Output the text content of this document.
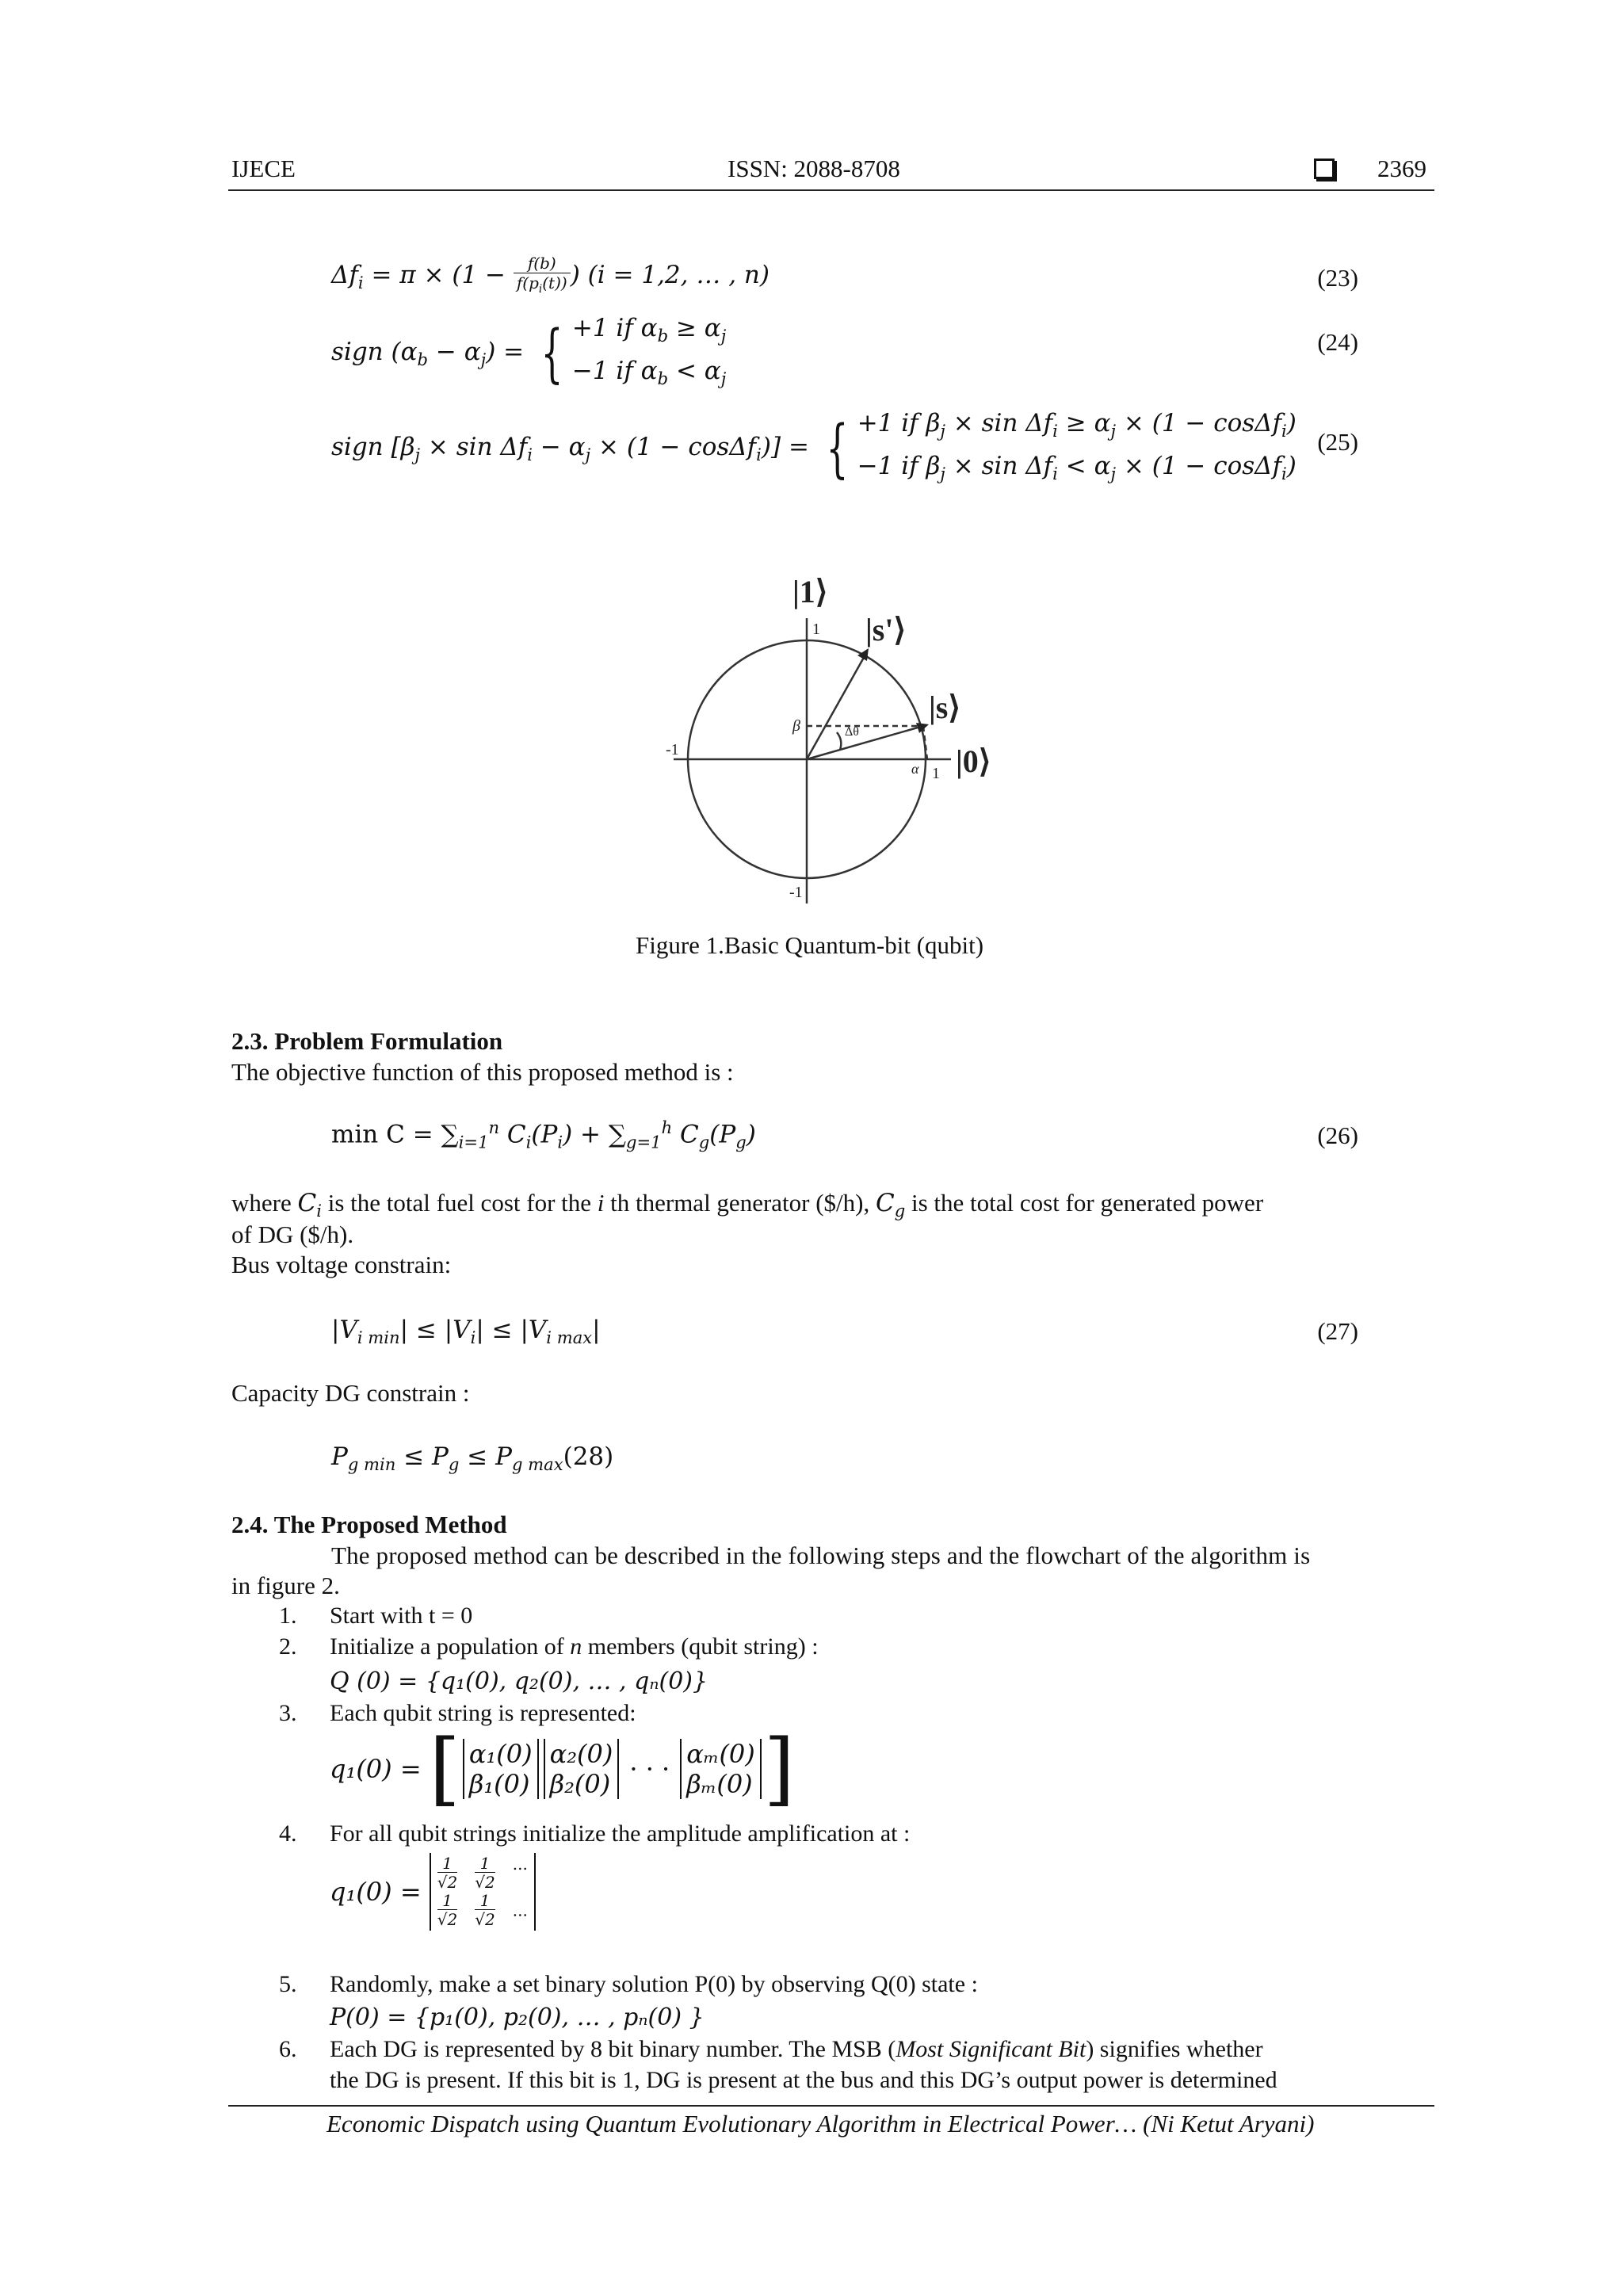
IJECE	ISSN: 2088-8708	2369
$\Delta f_i = \pi \times (1 - \frac{f(b)}{f(p_i(t))}$ ) (i = 1,2, … , n)	(23)
sign $(\alpha_b - \alpha_j)$ = { +1 if $\alpha_b \ge \alpha_j$
−1 if $\alpha_b < \alpha_j$
(24)
sign $[\beta_j \times \sin \Delta f_i - \alpha_j \times (1 - \cos\Delta f_i)]$ = { +1 if $\beta_j \times \sin \Delta f_i \ge \alpha_j \times (1 - \cos\Delta f_i)$
−1 if $\beta_j \times \sin \Delta f_i < \alpha_j \times (1 - \cos\Delta f_i)$
(25)
|1⟩
|s'⟩
|s⟩
|0⟩
1
1
-1
-1
β
α
Δθ
Figure 1.Basic Quantum-bit (qubit)
2.3. Problem Formulation
The objective function of this proposed method is :
$\min C = \sum_{i=1}^n$ $C_i(P_i) + \sum_{g=1}^h$ $C_g(P_g)$	(26)
where $C_i$ is the total fuel cost for the i th thermal generator ($/h), $C_g$ is the total cost for generated power
of DG ($/h).
Bus voltage constrain:
$|V_{i min}| \le |V_i| \le |V_{i max}|$	(27)
Capacity DG constrain :
$P_{g min} \le P_g \le P_{g max}(28)$
2.4. The Proposed Method
The proposed method can be described in the following steps and the flowchart of the algorithm is
in figure 2.
1. Start with t = 0
2. Initialize a population of n members (qubit string) :
Q (0) = {q₁(0), q₂(0), … , qₙ(0)}
3. Each qubit string is represented:
q₁(0) = [ α₁(0)
β₁(0)
α₂(0)
β₂(0) · · · αₘ(0)
βₘ(0) ]
4. For all qubit strings initialize the amplitude amplification at :
$q_1(0) = \frac{1}{√2} \frac{1}{√2} ^{...}$
$\frac{1}{√2} \frac{1}{√2}$ ...
5. Randomly, make a set binary solution P(0) by observing Q(0) state :
P(0) = {p₁(0), p₂(0), … , pₙ(0) }
6. Each DG is represented by 8 bit binary number. The MSB (Most Significant Bit) signifies whether
the DG is present. If this bit is 1, DG is present at the bus and this DG’s output power is determined
Economic Dispatch using Quantum Evolutionary Algorithm in Electrical Power… (Ni Ketut Aryani)
